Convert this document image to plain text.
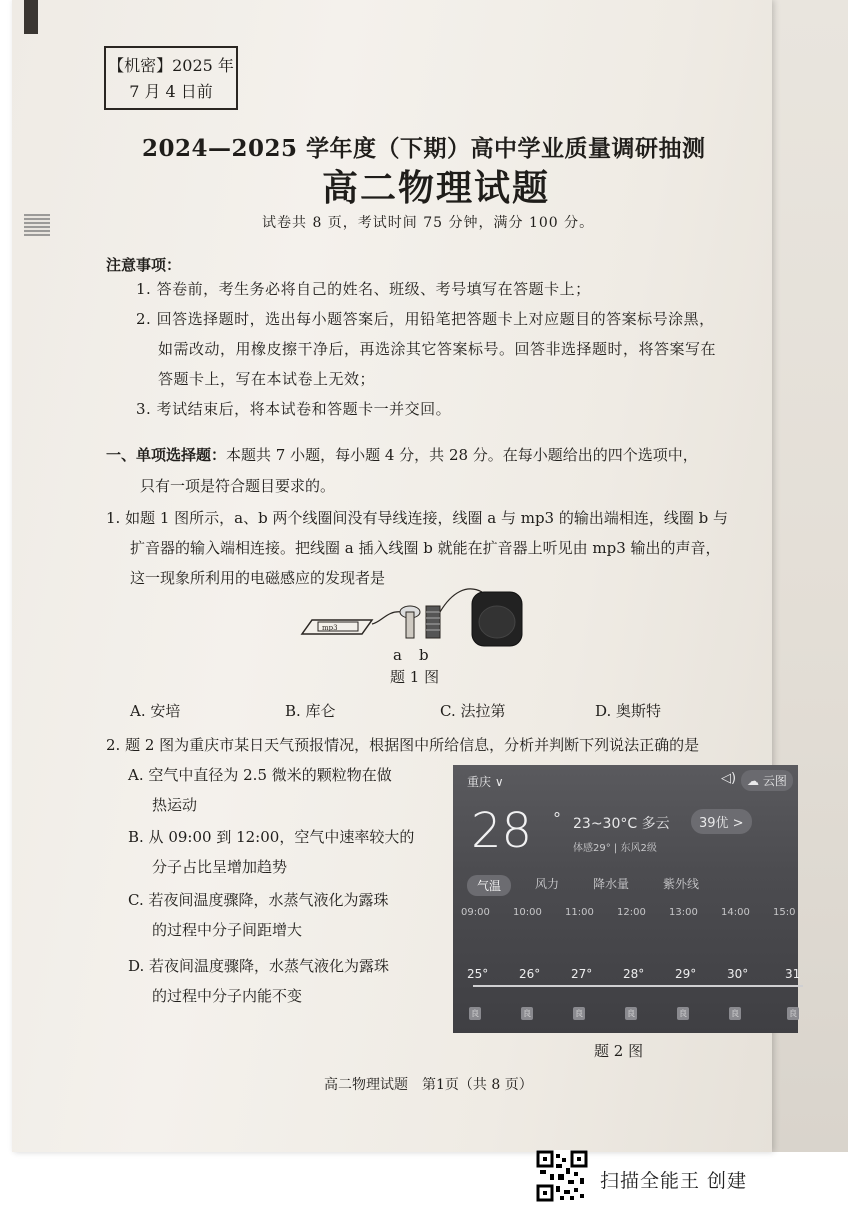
【机密】2025 年
7 月 4 日前
2024—2025 学年度（下期）高中学业质量调研抽测
高二物理试题
试卷共 8 页，考试时间 75 分钟，满分 100 分。
注意事项：
1. 答卷前，考生务必将自己的姓名、班级、考号填写在答题卡上；
2. 回答选择题时，选出每小题答案后，用铅笔把答题卡上对应题目的答案标号涂黑，
如需改动，用橡皮擦干净后，再选涂其它答案标号。回答非选择题时，将答案写在
答题卡上，写在本试卷上无效；
3. 考试结束后，将本试卷和答题卡一并交回。
一、单项选择题：本题共 7 小题，每小题 4 分，共 28 分。在每小题给出的四个选项中，
只有一项是符合题目要求的。
1. 如题 1 图所示，a、b 两个线圈间没有导线连接，线圈 a 与 mp3 的输出端相连，线圈 b 与
扩音器的输入端相连接。把线圈 a 插入线圈 b 就能在扩音器上听见由 mp3 输出的声音，
这一现象所利用的电磁感应的发现者是
mp3
a b
题 1 图
A. 安培	B. 库仑	C. 法拉第	D. 奥斯特
2. 题 2 图为重庆市某日天气预报情况，根据图中所给信息，分析并判断下列说法正确的是
A. 空气中直径为 2.5 微米的颗粒物在做
热运动
B. 从 09:00 到 12:00，空气中速率较大的
分子占比呈增加趋势
C. 若夜间温度骤降，水蒸气液化为露珠
的过程中分子间距增大
D. 若夜间温度骤降，水蒸气液化为露珠
的过程中分子内能不变
题 2 图
高二物理试题　第1页（共 8 页）
重庆 ∨	◁) ☁ 云图
28 ° 23~30°C 多云	39优 >
体感29° | 东风2级
气温	风力	降水量	紫外线
09:00 10:00 11:00 12:00 13:00 14:00 15:0
25°	26°	27°	28°	29°	30°	31
良	良	良	良	良	良	良
扫描全能王 创建
